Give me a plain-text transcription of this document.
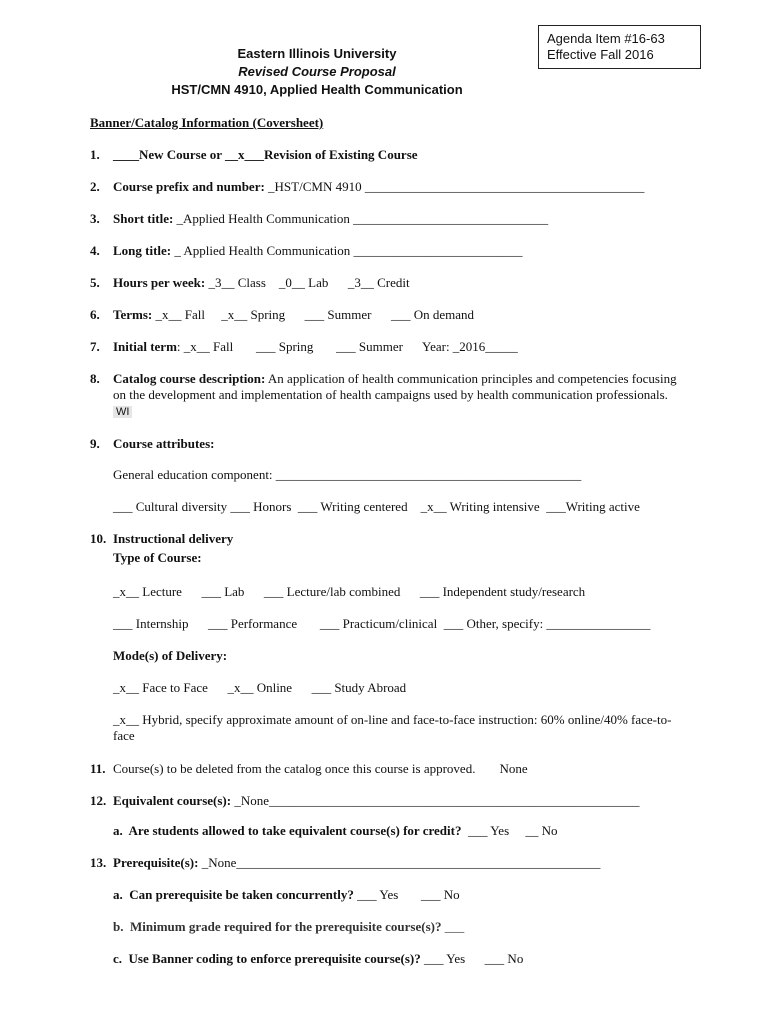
Agenda Item #16-63
Effective Fall 2016
Eastern Illinois University
Revised Course Proposal
HST/CMN 4910, Applied Health Communication
Banner/Catalog Information (Coversheet)
1. ____New Course or __x___Revision of Existing Course
2. Course prefix and number: _HST/CMN 4910 ___________________________________________
3. Short title: _Applied Health Communication ______________________________
4. Long title: _ Applied Health Communication __________________________
5. Hours per week: _3__ Class    _0__ Lab      _3__ Credit
6. Terms: _x__ Fall     _x__ Spring      ___ Summer      ___ On demand
7. Initial term: _x__ Fall       ___ Spring       ___ Summer      Year: _2016_____
8.	Catalog course description: An application of health communication principles and competencies focusing on the development and implementation of health campaigns used by health communication professionals. WI
9. Course attributes:
General education component: _______________________________________________
___ Cultural diversity ___ Honors  ___ Writing centered    _x__ Writing intensive  ___Writing active
10. Instructional delivery
Type of Course:
_x__ Lecture      ___ Lab      ___ Lecture/lab combined      ___ Independent study/research
___ Internship      ___ Performance       ___ Practicum/clinical  ___ Other, specify: ________________
Mode(s) of Delivery:
_x__ Face to Face      _x__ Online      ___ Study Abroad
_x__ Hybrid, specify approximate amount of on-line and face-to-face instruction: 60% online/40% face-to-face
11. Course(s) to be deleted from the catalog once this course is approved. None
12. Equivalent course(s): _None_________________________________________________________
a.  Are students allowed to take equivalent course(s) for credit? ___ Yes     __ No
13. Prerequisite(s): _None________________________________________________________
a.  Can prerequisite be taken concurrently? ___ Yes       ___ No
b.  Minimum grade required for the prerequisite course(s)? ___
c.  Use Banner coding to enforce prerequisite course(s)? ___ Yes      ___ No
